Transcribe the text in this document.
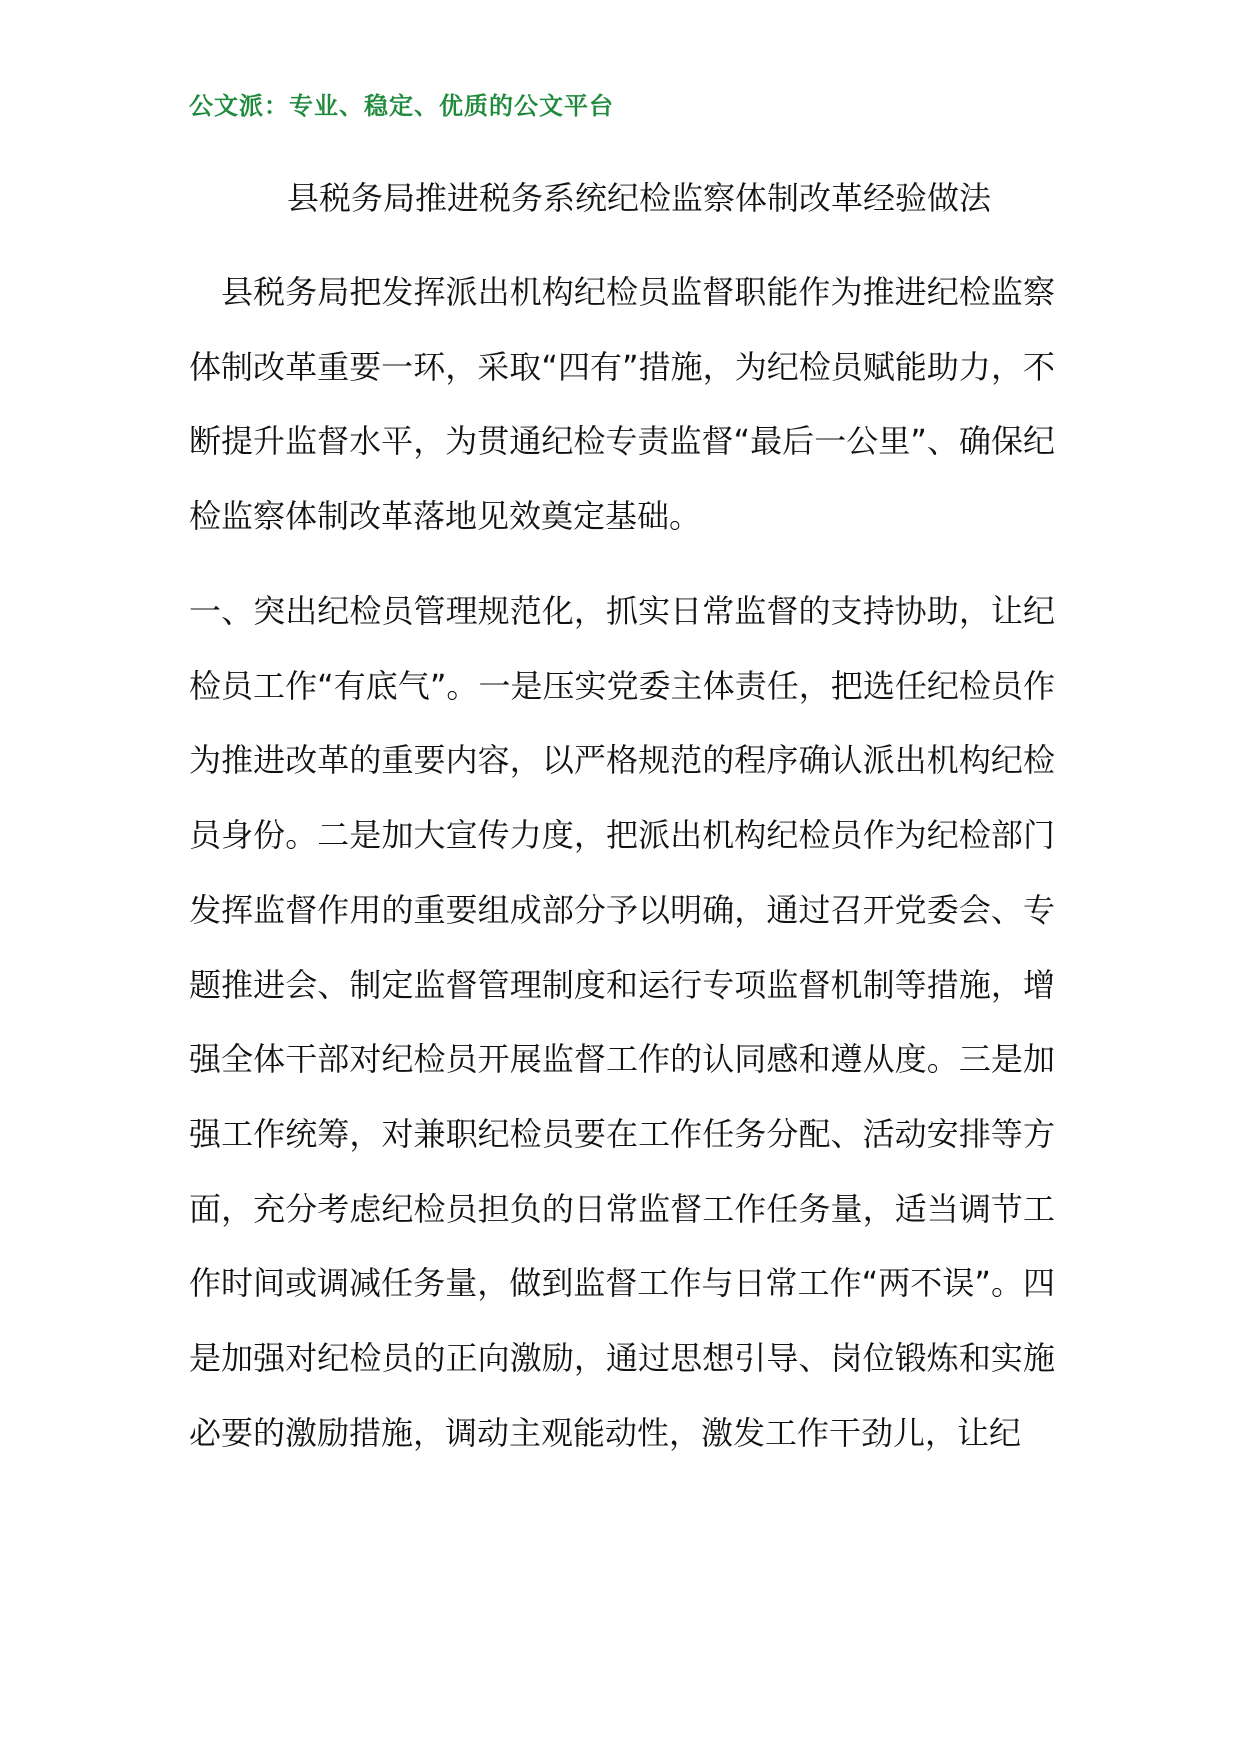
公文派：专业、稳定、优质的公文平台
县税务局推进税务系统纪检监察体制改革经验做法

县税务局把发挥派出机构纪检员监督职能作为推进纪检监察体制改革重要一环，采取“四有”措施，为纪检员赋能助力，不断提升监督水平，为贯通纪检专责监督“最后一公里”、确保纪检监察体制改革落地见效奠定基础。

一、突出纪检员管理规范化，抓实日常监督的支持协助，让纪检员工作“有底气”。一是压实党委主体责任，把选任纪检员作为推进改革的重要内容，以严格规范的程序确认派出机构纪检员身份。二是加大宣传力度，把派出机构纪检员作为纪检部门发挥监督作用的重要组成部分予以明确，通过召开党委会、专题推进会、制定监督管理制度和运行专项监督机制等措施，增强全体干部对纪检员开展监督工作的认同感和遵从度。三是加强工作统筹，对兼职纪检员要在工作任务分配、活动安排等方面，充分考虑纪检员担负的日常监督工作任务量，适当调节工作时间或调减任务量，做到监督工作与日常工作“两不误”。四是加强对纪检员的正向激励，通过思想引导、岗位锻炼和实施必要的激励措施，调动主观能动性，激发工作干劲儿，让纪
